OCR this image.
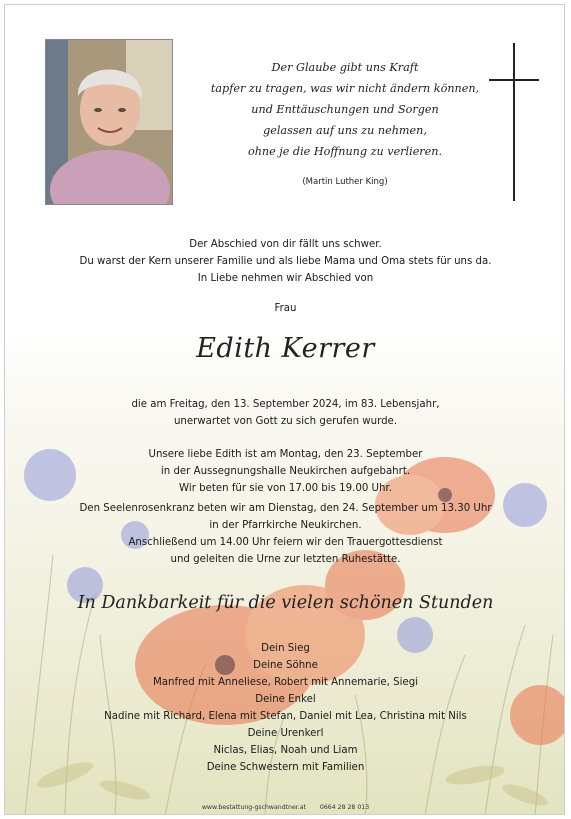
Der Glaube gibt uns Kraft
tapfer zu tragen, was wir nicht ändern können,
und Enttäuschungen und Sorgen
gelassen auf uns zu nehmen,
ohne je die Hoffnung zu verlieren.
(Martin Luther King)
Der Abschied von dir fällt uns schwer.
Du warst der Kern unserer Familie und als liebe Mama und Oma stets für uns da.
In Liebe nehmen wir Abschied von
Frau
Edith Kerrer
die am Freitag, den 13. September 2024, im 83. Lebensjahr,
unerwartet von Gott zu sich gerufen wurde.
Unsere liebe Edith ist am Montag, den 23. September
in der Aussegnungshalle Neukirchen aufgebahrt.
Wir beten für sie von 17.00 bis 19.00 Uhr.
Den Seelenrosenkranz beten wir am Dienstag, den 24. September um 13.30 Uhr
in der Pfarrkirche Neukirchen.
Anschließend um 14.00 Uhr feiern wir den Trauergottesdienst
und geleiten die Urne zur letzten Ruhestätte.
In Dankbarkeit für die vielen schönen Stunden
Dein Sieg
Deine Söhne
Manfred mit Anneliese, Robert mit Annemarie, Siegi
Deine Enkel
Nadine mit Richard, Elena mit Stefan, Daniel mit Lea, Christina mit Nils
Deine Urenkerl
Niclas, Elias, Noah und Liam
Deine Schwestern mit Familien
www.bestattung-gschwandtner.at 0664 28 28 013
